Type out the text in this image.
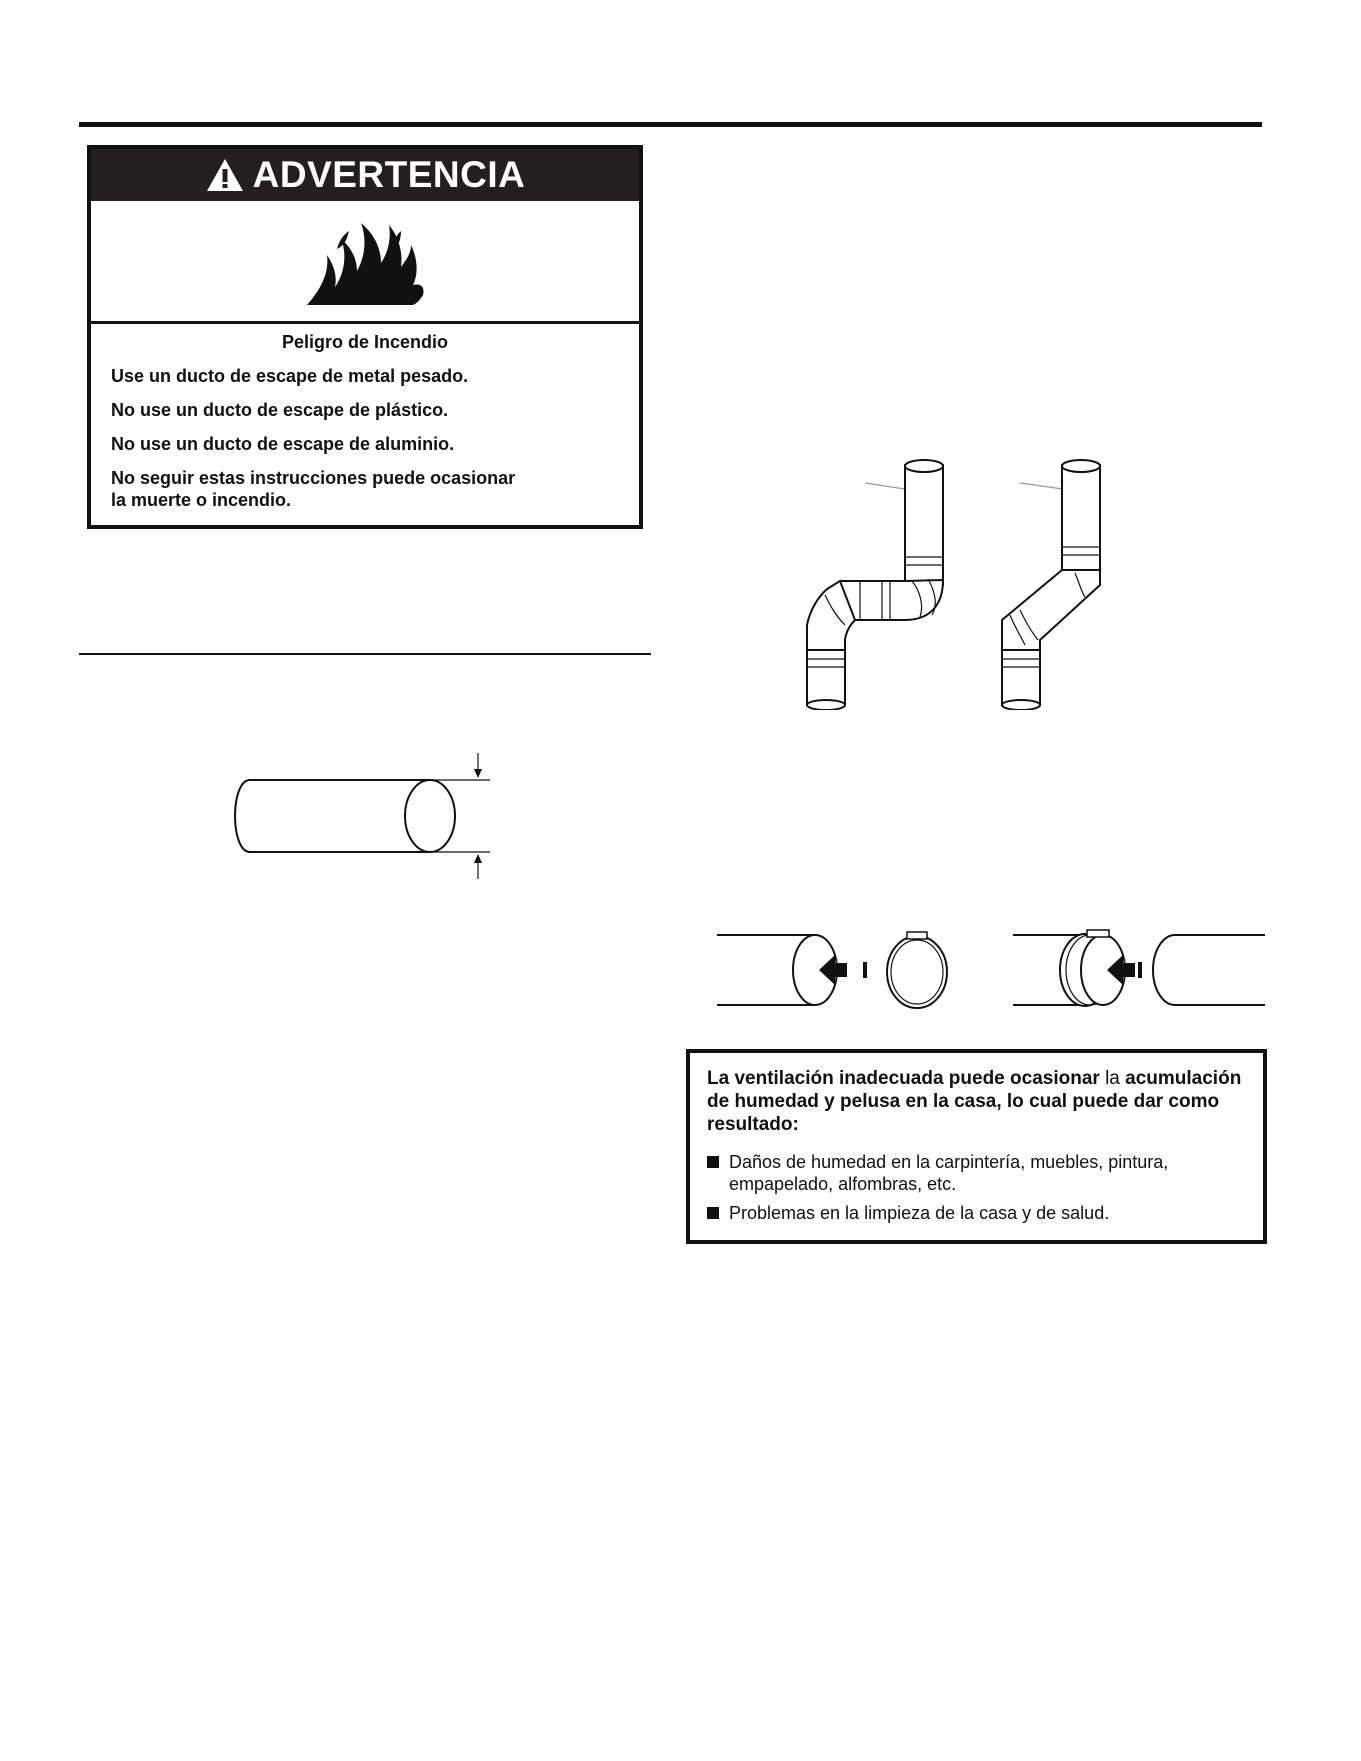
ADVERTENCIA
Peligro de Incendio
Use un ducto de escape de metal pesado.
No use un ducto de escape de plástico.
No use un ducto de escape de aluminio.
No seguir estas instrucciones puede ocasionar
la muerte o incendio.
La ventilación inadecuada puede ocasionar la acumulación de humedad y pelusa en la casa, lo cual puede dar como resultado:
Daños de humedad en la carpintería, muebles, pintura, empapelado, alfombras, etc.
Problemas en la limpieza de la casa y de salud.
